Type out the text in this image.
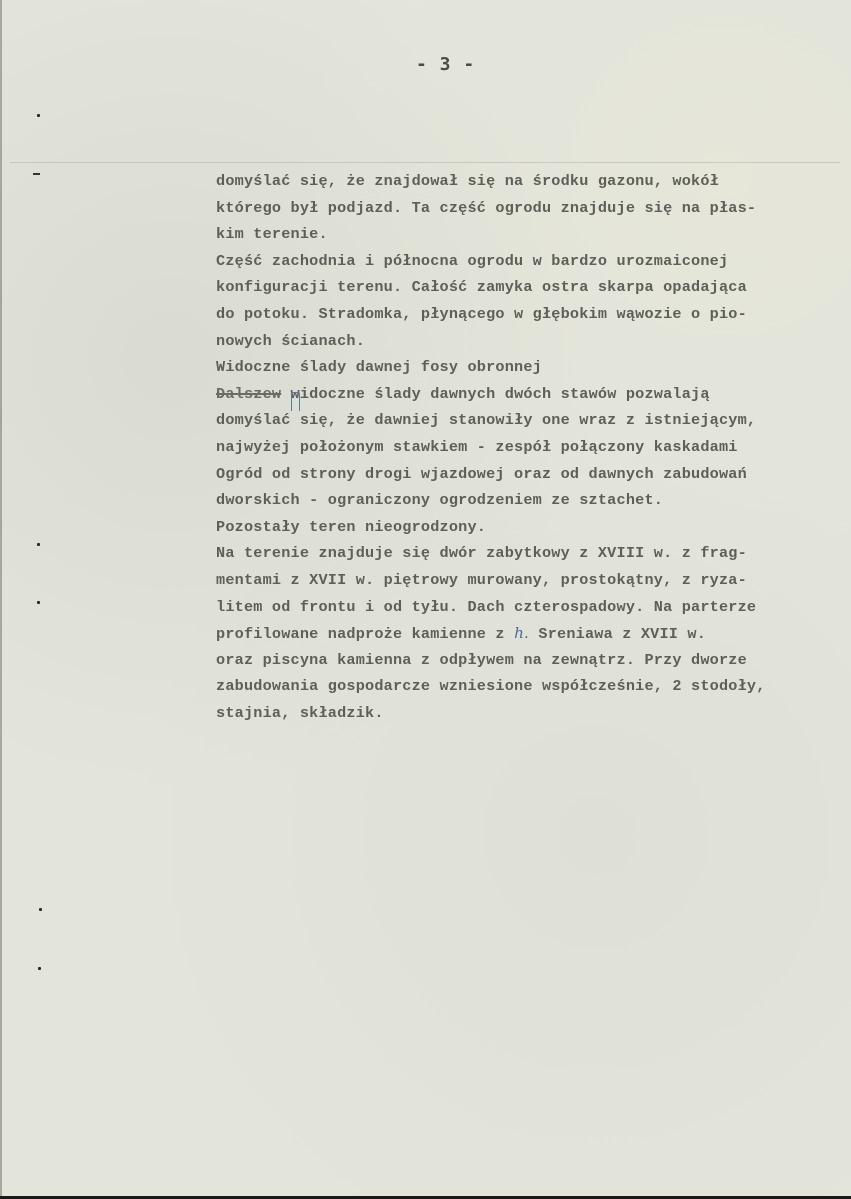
- 3 -
domyślać się, że znajdował się na środku gazonu, wokół
którego był podjazd. Ta część ogrodu znajduje się na płas-
kim terenie.
Część zachodnia i północna ogrodu w bardzo urozmaiconej
konfiguracji terenu. Całość zamyka ostra skarpa opadająca
do potoku. Stradomka, płynącego w głębokim wąwozie o pio-
nowych ścianach.
Widoczne ślady dawnej fosy obronnej
Dalszew widoczne ślady dawnych dwóch stawów pozwalają
domyślać się, że dawniej stanowiły one wraz z istniejącym,
najwyżej położonym stawkiem - zespół połączony kaskadami
Ogród od strony drogi wjazdowej oraz od dawnych zabudowań
dworskich - ograniczony ogrodzeniem ze sztachet.
Pozostały teren nieogrodzony.
Na terenie znajduje się dwór zabytkowy z XVIII w. z frag-
mentami z XVII w. piętrowy murowany, prostokątny, z ryza-
litem od frontu i od tyłu. Dach czterospadowy. Na parterze
profilowane nadproże kamienne z h. Sreniawa z XVII w.
oraz piscyna kamienna z odpływem na zewnątrz. Przy dworze
zabudowania gospodarcze wzniesione współcześnie, 2 stodoły,
stajnia, składzik.
